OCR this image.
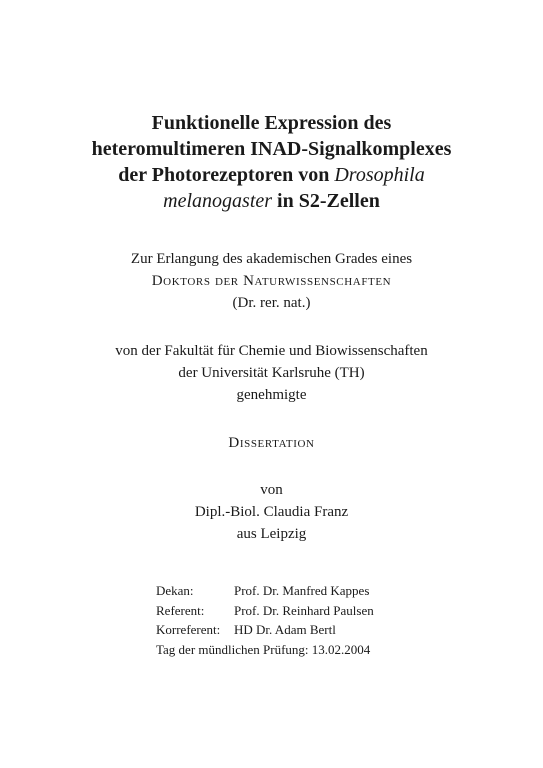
Funktionelle Expression des
heteromultimeren INAD-Signalkomplexes
der Photorezeptoren von Drosophila
melanogaster in S2-Zellen
Zur Erlangung des akademischen Grades eines
Doktors der Naturwissenschaften
(Dr. rer. nat.)
von der Fakultät für Chemie und Biowissenschaften
der Universität Karlsruhe (TH)
genehmigte
Dissertation
von
Dipl.-Biol. Claudia Franz
aus Leipzig
Dekan:	Prof. Dr. Manfred Kappes
Referent:	Prof. Dr. Reinhard Paulsen
Korreferent:	HD Dr. Adam Bertl
Tag der mündlichen Prüfung: 13.02.2004
